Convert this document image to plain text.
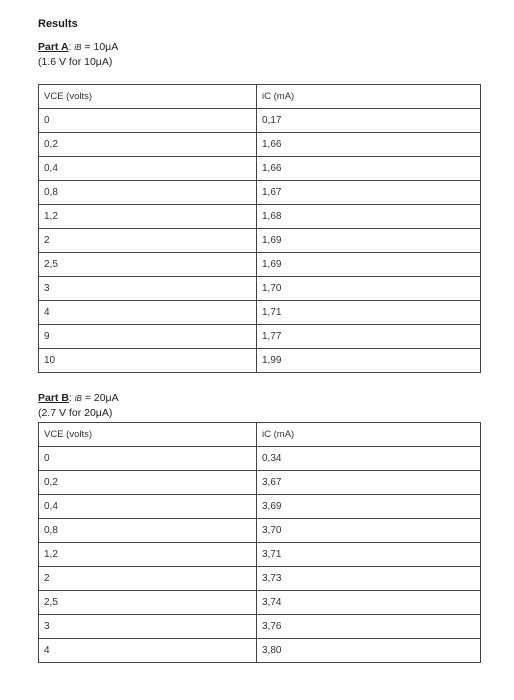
Results
Part A: iB = 10μA
(1.6 V for 10μA)
VCE (volts)	iC (mA)
0	0,17
0,2	1,66
0,4	1,66
0,8	1,67
1,2	1,68
2	1,69
2,5	1,69
3	1,70
4	1,71
9	1,77
10	1,99
Part B: iB = 20μA
(2.7 V for 20μA)
VCE (volts)	iC (mA)
0	0,34
0,2	3,67
0,4	3,69
0,8	3,70
1,2	3,71
2	3,73
2,5	3,74
3	3,76
4	3,80
